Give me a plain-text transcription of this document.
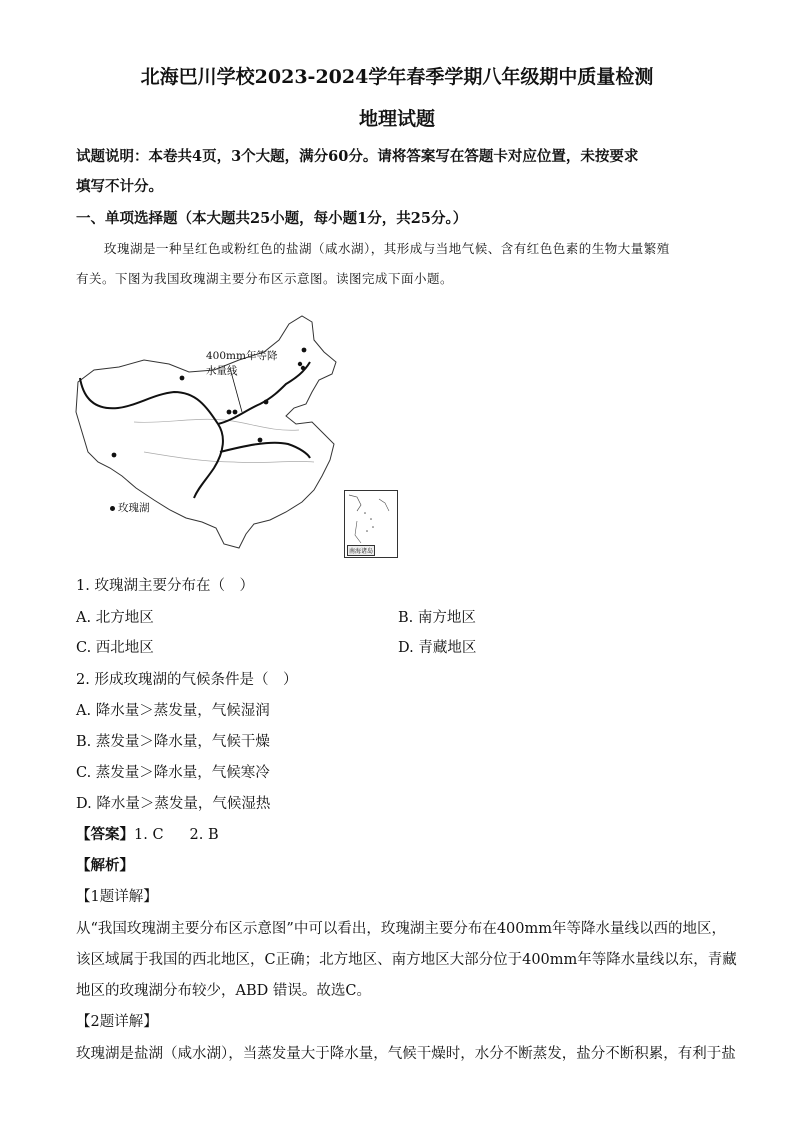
北海巴川学校2023-2024学年春季学期八年级期中质量检测
地理试题
试题说明：本卷共4页，3个大题，满分60分。请将答案写在答题卡对应位置，未按要求
填写不计分。
一、单项选择题（本大题共25小题，每小题1分，共25分。）
玫瑰湖是一种呈红色或粉红色的盐湖（咸水湖），其形成与当地气候、含有红色色素的生物大量繁殖
有关。下图为我国玫瑰湖主要分布区示意图。读图完成下面小题。
400mm年等降
水量线
玫瑰湖
南海诸岛
1. 玫瑰湖主要分布在（　）
A. 北方地区	B. 南方地区
C. 西北地区	D. 青藏地区
2. 形成玫瑰湖的气候条件是（　）
A. 降水量＞蒸发量，气候湿润
B. 蒸发量＞降水量，气候干燥
C. 蒸发量＞降水量，气候寒冷
D. 降水量＞蒸发量，气候湿热
【答案】1. C 2. B
【解析】
【1题详解】
从“我国玫瑰湖主要分布区示意图”中可以看出，玫瑰湖主要分布在400mm年等降水量线以西的地区，
该区域属于我国的西北地区，C正确；北方地区、南方地区大部分位于400mm年等降水量线以东，青藏
地区的玫瑰湖分布较少，ABD 错误。故选C。
【2题详解】
玫瑰湖是盐湖（咸水湖），当蒸发量大于降水量，气候干燥时，水分不断蒸发，盐分不断积累，有利于盐
